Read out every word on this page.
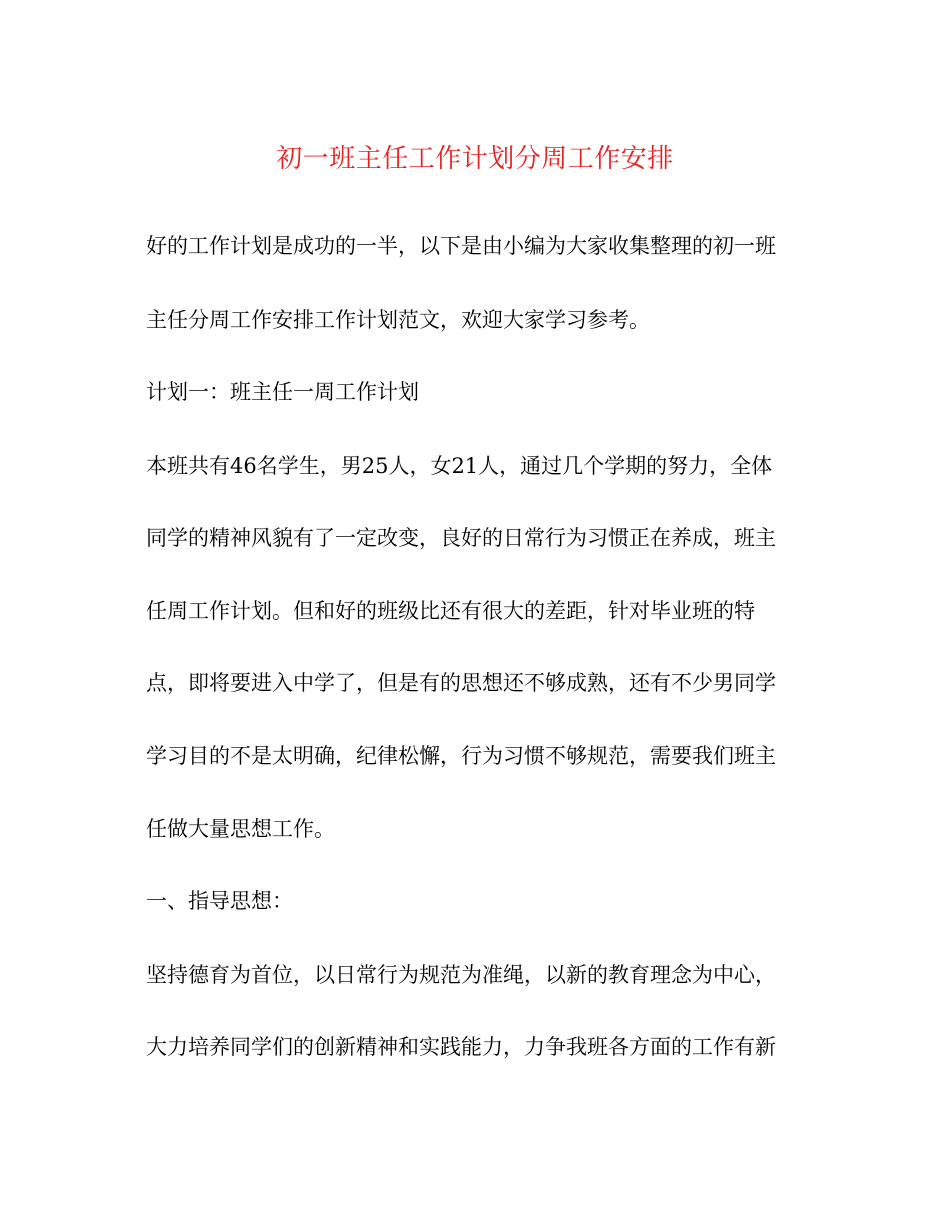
初一班主任工作计划分周工作安排
好的工作计划是成功的一半，以下是由小编为大家收集整理的初一班
主任分周工作安排工作计划范文，欢迎大家学习参考。
计划一：班主任一周工作计划
本班共有46名学生，男25人，女21人，通过几个学期的努力，全体
同学的精神风貌有了一定改变，良好的日常行为习惯正在养成，班主
任周工作计划。但和好的班级比还有很大的差距，针对毕业班的特
点，即将要进入中学了，但是有的思想还不够成熟，还有不少男同学
学习目的不是太明确，纪律松懈，行为习惯不够规范，需要我们班主
任做大量思想工作。
一、指导思想：
坚持德育为首位，以日常行为规范为准绳，以新的教育理念为中心，
大力培养同学们的创新精神和实践能力，力争我班各方面的工作有新
